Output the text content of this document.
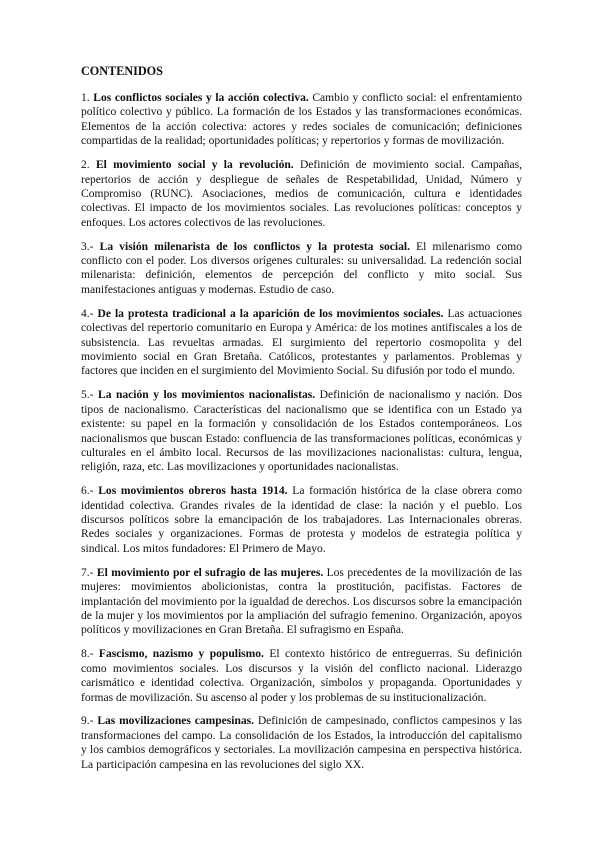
CONTENIDOS

1. Los conflictos sociales y la acción colectiva. Cambio y conflicto social: el enfrentamiento político colectivo y público. La formación de los Estados y las transformaciones económicas. Elementos de la acción colectiva: actores y redes sociales de comunicación; definiciones compartidas de la realidad; oportunidades políticas; y repertorios y formas de movilización.

2. El movimiento social y la revolución. Definición de movimiento social. Campañas, repertorios de acción y despliegue de señales de Respetabilidad, Unidad, Número y Compromiso (RUNC). Asociaciones, medios de comunicación, cultura e identidades colectivas. El impacto de los movimientos sociales. Las revoluciones políticas: conceptos y enfoques. Los actores colectivos de las revoluciones.

3.- La visión milenarista de los conflictos y la protesta social. El milenarismo como conflicto con el poder. Los diversos orígenes culturales: su universalidad. La redención social milenarista: definición, elementos de percepción del conflicto y mito social. Sus manifestaciones antiguas y modernas. Estudio de caso.

4.- De la protesta tradicional a la aparición de los movimientos sociales. Las actuaciones colectivas del repertorio comunitario en Europa y América: de los motines antifiscales a los de subsistencia. Las revueltas armadas. El surgimiento del repertorio cosmopolita y del movimiento social en Gran Bretaña. Católicos, protestantes y parlamentos. Problemas y factores que inciden en el surgimiento del Movimiento Social. Su difusión por todo el mundo.

5.- La nación y los movimientos nacionalistas. Definición de nacionalismo y nación. Dos tipos de nacionalismo. Características del nacionalismo que se identifica con un Estado ya existente: su papel en la formación y consolidación de los Estados contemporáneos. Los nacionalismos que buscan Estado: confluencia de las transformaciones políticas, económicas y culturales en el ámbito local. Recursos de las movilizaciones nacionalistas: cultura, lengua, religión, raza, etc. Las movilizaciones y oportunidades nacionalistas.

6.- Los movimientos obreros hasta 1914. La formación histórica de la clase obrera como identidad colectiva. Grandes rivales de la identidad de clase: la nación y el pueblo. Los discursos políticos sobre la emancipación de los trabajadores. Las Internacionales obreras. Redes sociales y organizaciones. Formas de protesta y modelos de estrategia política y sindical. Los mitos fundadores: El Primero de Mayo.

7.- El movimiento por el sufragio de las mujeres. Los precedentes de la movilización de las mujeres: movimientos abolicionistas, contra la prostitución, pacifistas. Factores de implantación del movimiento por la igualdad de derechos. Los discursos sobre la emancipación de la mujer y los movimientos por la ampliación del sufragio femenino. Organización, apoyos políticos y movilizaciones en Gran Bretaña. El sufragismo en España.

8.- Fascismo, nazismo y populismo. El contexto histórico de entreguerras. Su definición como movimientos sociales. Los discursos y la visión del conflicto nacional. Liderazgo carismático e identidad colectiva. Organización, símbolos y propaganda. Oportunidades y formas de movilización. Su ascenso al poder y los problemas de su institucionalización.

9.- Las movilizaciones campesinas. Definición de campesinado, conflictos campesinos y las transformaciones del campo. La consolidación de los Estados, la introducción del capitalismo y los cambios demográficos y sectoriales. La movilización campesina en perspectiva histórica. La participación campesina en las revoluciones del siglo XX.
